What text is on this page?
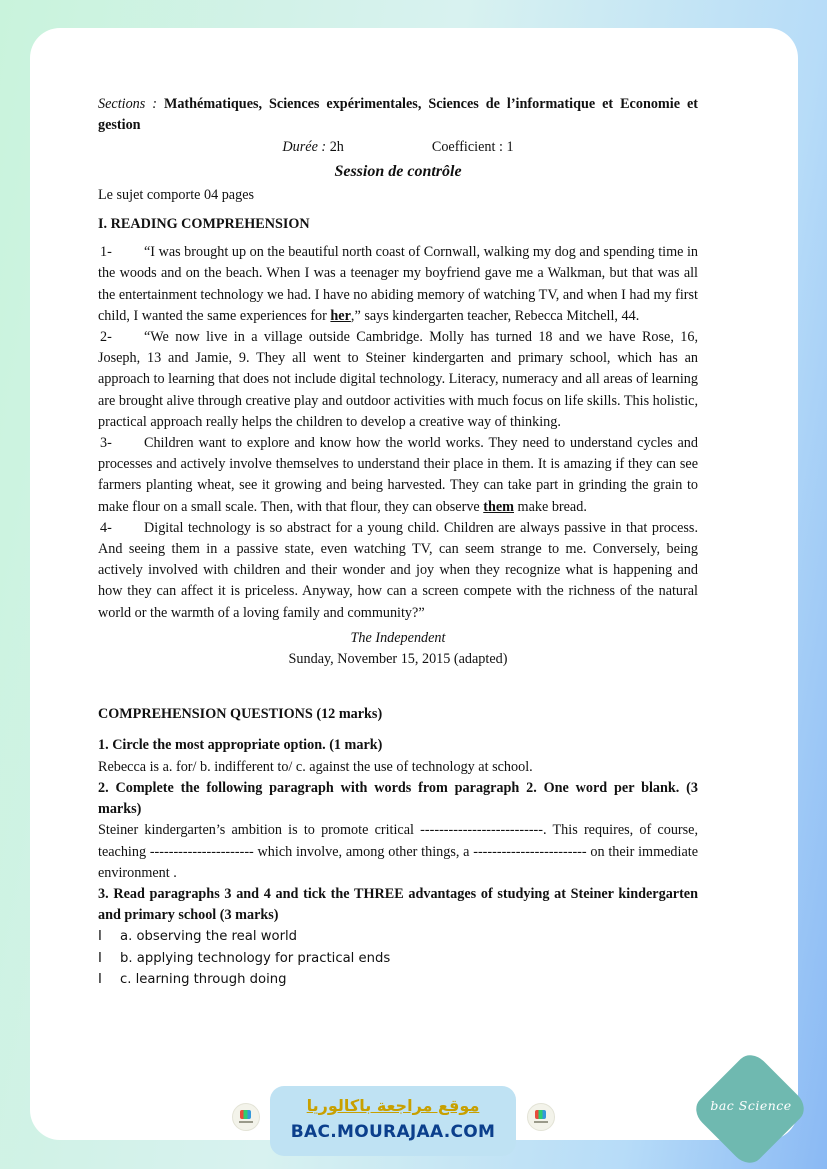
Sections : Mathématiques, Sciences expérimentales, Sciences de l’informatique et Economie et gestion

Durée : 2h	Coefficient : 1

Session de contrôle

Le sujet comporte 04 pages

I. READING COMPREHENSION

1- “I was brought up on the beautiful north coast of Cornwall, walking my dog and spending time in the woods and on the beach. When I was a teenager my boyfriend gave me a Walkman, but that was all the entertainment technology we had. I have no abiding memory of watching TV, and when I had my first child, I wanted the same experiences for her,” says kindergarten teacher, Rebecca Mitchell, 44.

2- “We now live in a village outside Cambridge. Molly has turned 18 and we have Rose, 16, Joseph, 13 and Jamie, 9. They all went to Steiner kindergarten and primary school, which has an approach to learning that does not include digital technology. Literacy, numeracy and all areas of learning are brought alive through creative play and outdoor activities with much focus on life skills. This holistic, practical approach really helps the children to develop a creative way of thinking.

3- Children want to explore and know how the world works. They need to understand cycles and processes and actively involve themselves to understand their place in them. It is amazing if they can see farmers planting wheat, see it growing and being harvested. They can take part in grinding the grain to make flour on a small scale. Then, with that flour, they can observe them make bread.

4- Digital technology is so abstract for a young child. Children are always passive in that process. And seeing them in a passive state, even watching TV, can seem strange to me. Conversely, being actively involved with children and their wonder and joy when they recognize what is happening and how they can affect it is priceless. Anyway, how can a screen compete with the richness of the natural world or the warmth of a loving family and community?”

The Independent

Sunday, November 15, 2015 (adapted)

COMPREHENSION QUESTIONS (12 marks)

1. Circle the most appropriate option. (1 mark)

Rebecca is a. for/ b. indifferent to/ c. against the use of technology at school.

2. Complete the following paragraph with words from paragraph 2. One word per blank. (3 marks)

Steiner kindergarten’s ambition is to promote critical --------------------------. This requires, of course, teaching ---------------------- which involve, among other things, a ------------------------ on their immediate environment .

3. Read paragraphs 3 and 4 and tick the THREE advantages of studying at Steiner kindergarten and primary school (3 marks)

I a. observing the real world

I b. applying technology for practical ends

I c. learning through doing

موقع مراجعة باكالوريا
BAC.MOURAJAA.COM
bac Science
